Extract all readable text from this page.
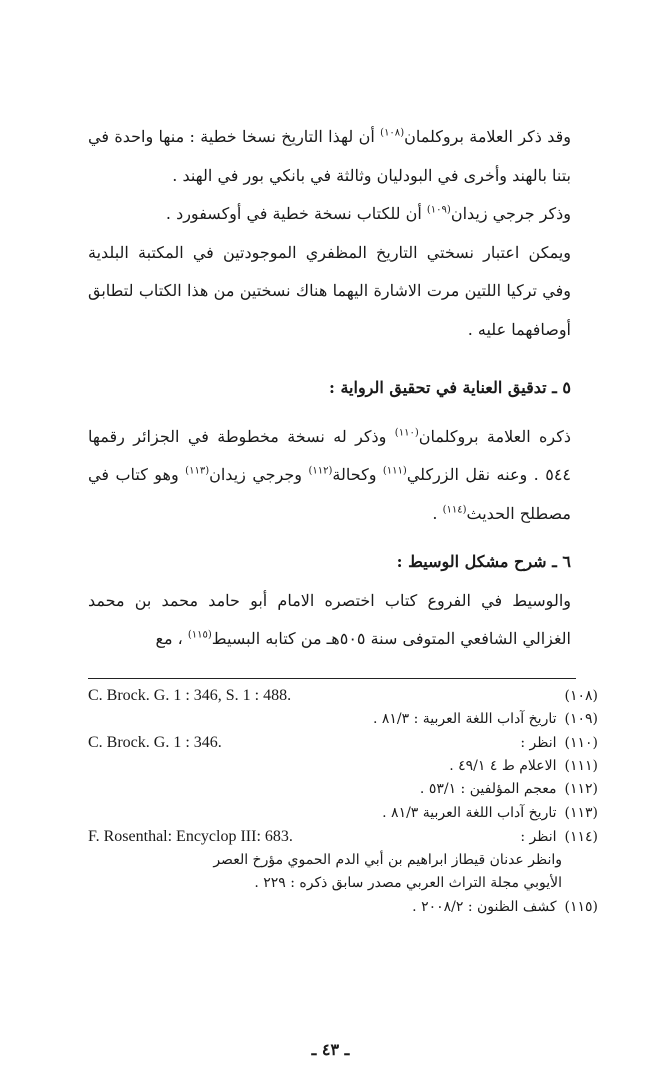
وقد ذكر العلامة بروكلمان$^{(١٠٨)}$ أن لهذا التاريخ نسخا خطية : منها واحدة في بتنا بالهند وأخرى في البودليان وثالثة في بانكي بور في الهند .

وذكر جرجي زيدان$^{(١٠٩)}$ أن للكتاب نسخة خطية في أوكسفورد .

ويمكن اعتبار نسختي التاريخ المظفري الموجودتين في المكتبة البلدية وفي تركيا اللتين مرت الاشارة اليهما هناك نسختين من هذا الكتاب لتطابق أوصافهما عليه .

٥ ـ تدقيق العناية في تحقيق الرواية :

ذكره العلامة بروكلمان$^{(١١٠)}$ وذكر له نسخة مخطوطة في الجزائر رقمها ٥٤٤ . وعنه نقل الزركلي$^{(١١١)}$ وكحالة$^{(١١٢)}$ وجرجي زيدان$^{(١١٣)}$ وهو كتاب في مصطلح الحديث$^{(١١٤)}$ .

٦ ـ شرح مشكل الوسيط :

والوسيط في الفروع كتاب اختصره الامام أبو حامد محمد بن محمد الغزالي الشافعي المتوفى سنة ٥٠٥هـ من كتابه البسيط$^{(١١٥)}$ ، مع

C. Brock. G. 1 : 346, S. 1 : 488.	(١٠٨)
تاريخ آداب اللغة العربية : ٨١/٣ . (١٠٩)
C. Brock. G. 1 : 346.	انظر : (١١٠)
الاعلام ط ٤ ٤٩/١ . (١١١)
معجم المؤلفين : ٥٣/١ . (١١٢)
تاريخ آداب اللغة العربية ٨١/٣ . (١١٣)
F. Rosenthal: Encyclop III: 683.	انظر : (١١٤)
وانظر عدنان قيطاز ابراهيم بن أبي الدم الحموي مؤرخ العصر
الأيوبي مجلة التراث العربي مصدر سابق ذكره : ٢٢٩ .
كشف الظنون : ٢٠٠٨/٢ . (١١٥)
ـ ٤٣ ـ
